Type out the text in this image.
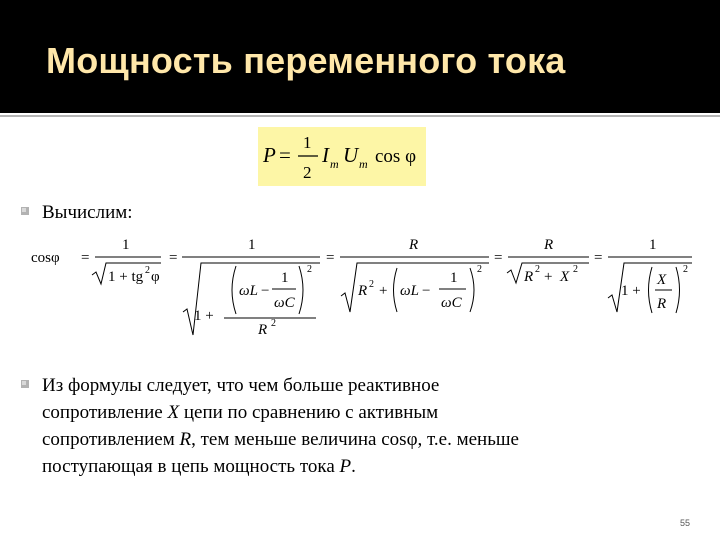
Мощность переменного тока
P =
1
2
I m U m cos φ
Вычислим:
cosφ =
1
1 + tg 2 φ
=
1
1 +
ωL −
1
ωC
2
R 2
=
R
R 2 + ωL −
1
ωC
2
=
R
R 2 + X 2
=
1
1 +
X
R
2
Из формулы следует, что чем больше реактивное
сопротивление X цепи по сравнению с активным
сопротивлением R, тем меньше величина cosφ, т.е. меньше
поступающая в цепь мощность тока P.
55
